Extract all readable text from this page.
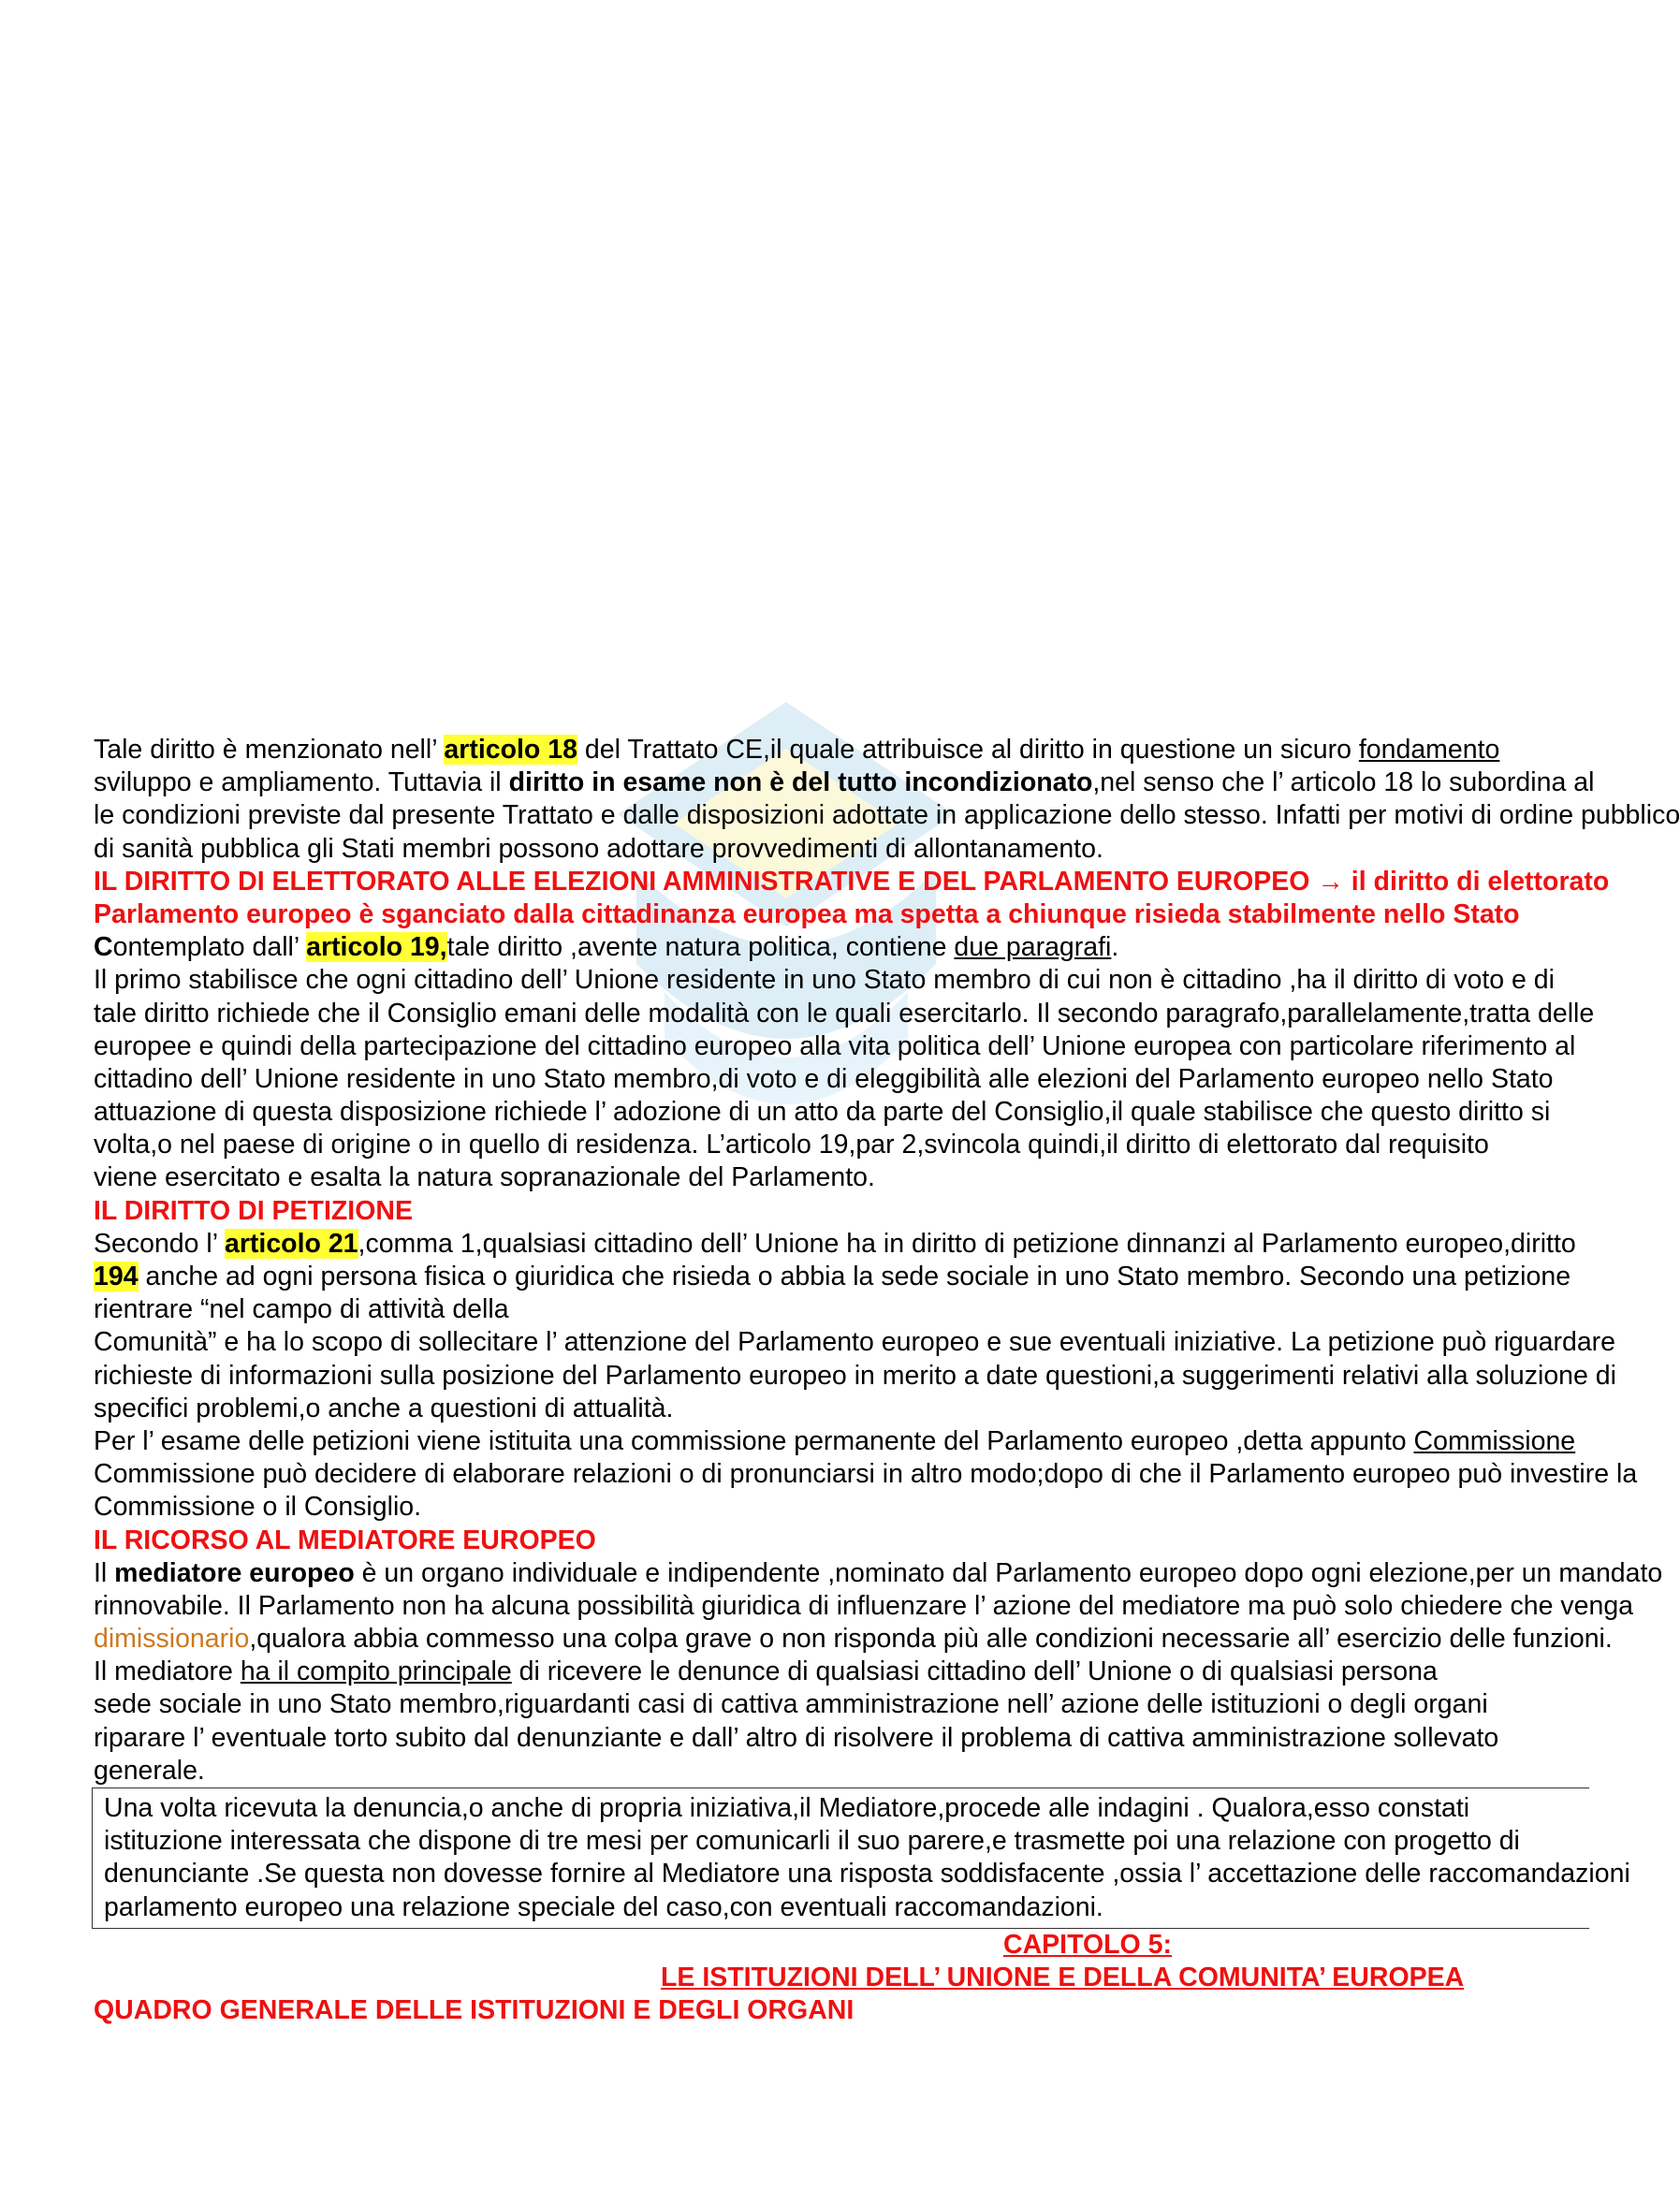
Tale diritto è menzionato nell’ articolo 18 del Trattato CE,il quale attribuisce al diritto in questione un sicuro fondamento
sviluppo e ampliamento. Tuttavia il diritto in esame non è del tutto incondizionato,nel senso che l’ articolo 18 lo subordina al
le condizioni previste dal presente Trattato e dalle disposizioni adottate in applicazione dello stesso. Infatti per motivi di ordine pubblico
di sanità pubblica gli Stati membri possono adottare provvedimenti di allontanamento.
IL DIRITTO DI ELETTORATO ALLE ELEZIONI AMMINISTRATIVE E DEL PARLAMENTO EUROPEO → il diritto di elettorato
Parlamento europeo è sganciato dalla cittadinanza europea ma spetta a chiunque risieda stabilmente nello Stato
Contemplato dall’ articolo 19,tale diritto ,avente natura politica, contiene due paragrafi.
Il primo stabilisce che ogni cittadino dell’ Unione residente in uno Stato membro di cui non è cittadino ,ha il diritto di voto e di
tale diritto richiede che il Consiglio emani delle modalità con le quali esercitarlo. Il secondo paragrafo,parallelamente,tratta delle
europee e quindi della partecipazione del cittadino europeo alla vita politica dell’ Unione europea con particolare riferimento al
cittadino dell’ Unione residente in uno Stato membro,di voto e di eleggibilità alle elezioni del Parlamento europeo nello Stato
attuazione di questa disposizione richiede l’ adozione di un atto da parte del Consiglio,il quale stabilisce che questo diritto si
volta,o nel paese di origine o in quello di residenza. L’articolo 19,par 2,svincola quindi,il diritto di elettorato dal requisito
viene esercitato e esalta la natura sopranazionale del Parlamento.
IL DIRITTO DI PETIZIONE
Secondo l’ articolo 21,comma 1,qualsiasi cittadino dell’ Unione ha in diritto di petizione dinnanzi al Parlamento europeo,diritto
194 anche ad ogni persona fisica o giuridica che risieda o abbia la sede sociale in uno Stato membro. Secondo una petizione
rientrare “nel campo di attività della
Comunità” e ha lo scopo di sollecitare l’ attenzione del Parlamento europeo e sue eventuali iniziative. La petizione può riguardare
richieste di informazioni sulla posizione del Parlamento europeo in merito a date questioni,a suggerimenti relativi alla soluzione di
specifici problemi,o anche a questioni di attualità.
Per l’ esame delle petizioni viene istituita una commissione permanente del Parlamento europeo ,detta appunto Commissione
Commissione può decidere di elaborare relazioni o di pronunciarsi in altro modo;dopo di che il Parlamento europeo può investire la
Commissione o il Consiglio.
IL RICORSO AL MEDIATORE EUROPEO
Il mediatore europeo è un organo individuale e indipendente ,nominato dal Parlamento europeo dopo ogni elezione,per un mandato
rinnovabile. Il Parlamento non ha alcuna possibilità giuridica di influenzare l’ azione del mediatore ma può solo chiedere che venga
dimissionario,qualora abbia commesso una colpa grave o non risponda più alle condizioni necessarie all’ esercizio delle funzioni.
Il mediatore ha il compito principale di ricevere le denunce di qualsiasi cittadino dell’ Unione o di qualsiasi persona
sede sociale in uno Stato membro,riguardanti casi di cattiva amministrazione nell’ azione delle istituzioni o degli organi
riparare l’ eventuale torto subito dal denunziante e dall’ altro di risolvere il problema di cattiva amministrazione sollevato
generale.
Una volta ricevuta la denuncia,o anche di propria iniziativa,il Mediatore,procede alle indagini . Qualora,esso constati
istituzione interessata che dispone di tre mesi per comunicarli il suo parere,e trasmette poi una relazione con progetto di
denunciante .Se questa non dovesse fornire al Mediatore una risposta soddisfacente ,ossia l’ accettazione delle raccomandazioni
parlamento europeo una relazione speciale del caso,con eventuali raccomandazioni.
CAPITOLO 5:
LE ISTITUZIONI DELL’ UNIONE E DELLA COMUNITA’ EUROPEA
QUADRO GENERALE DELLE ISTITUZIONI E DEGLI ORGANI
